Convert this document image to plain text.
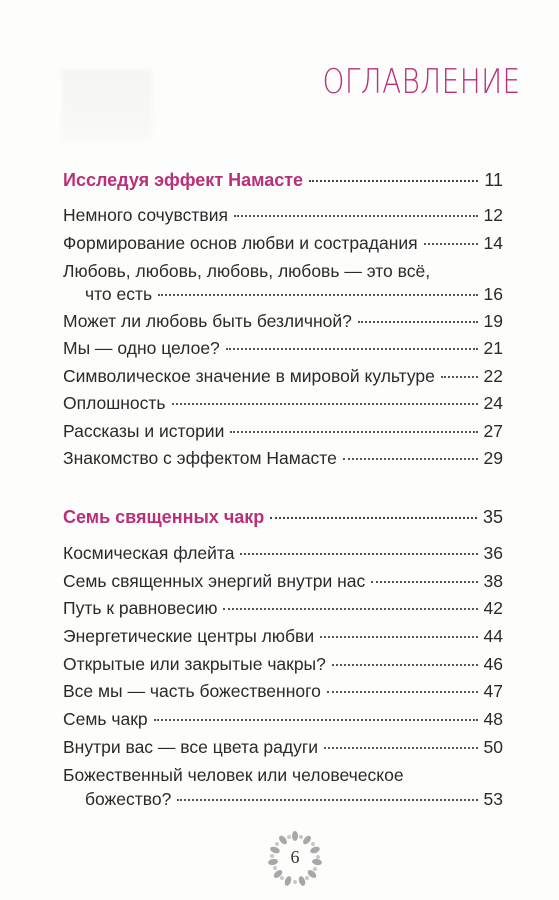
ОГЛАВЛЕНИЕ
Исследуя эффект Намасте	11
Немного сочувствия	12
Формирование основ любви и сострадания	14
Любовь, любовь, любовь, любовь — это всё,
что есть	16
Может ли любовь быть безличной?	19
Мы — одно целое?	21
Символическое значение в мировой культуре	22
Оплошность	24
Рассказы и истории	27
Знакомство с эффектом Намасте	29
Семь священных чакр	35
Космическая флейта	36
Семь священных энергий внутри нас	38
Путь к равновесию	42
Энергетические центры любви	44
Открытые или закрытые чакры?	46
Все мы — часть божественного	47
Семь чакр	48
Внутри вас — все цвета радуги	50
Божественный человек или человеческое
божество?	53
6
